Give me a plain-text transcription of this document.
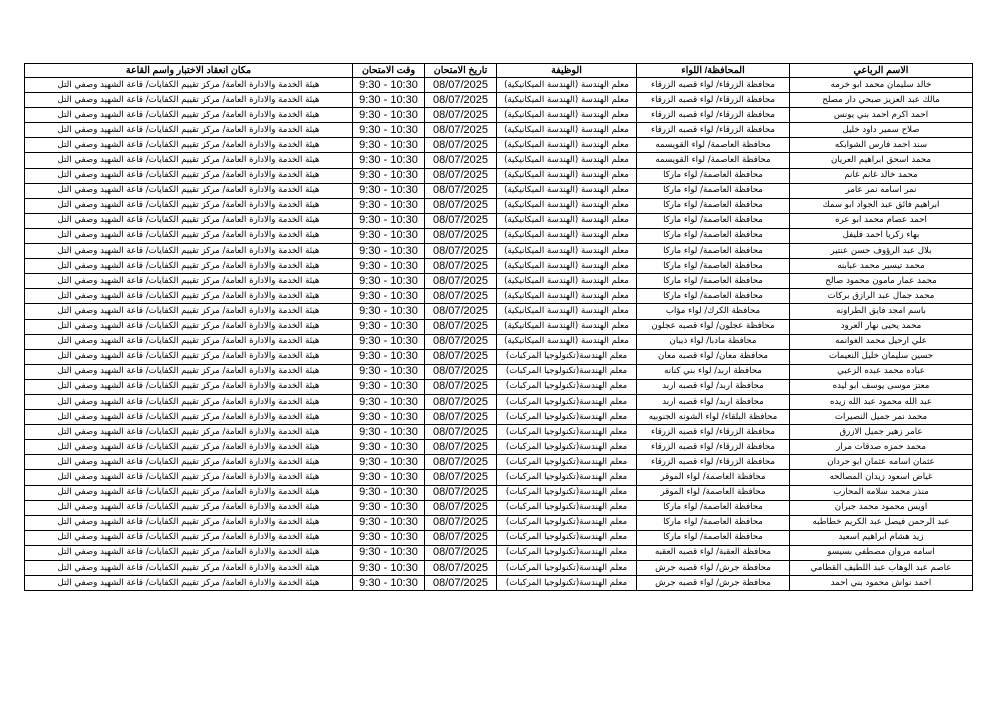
الاسم الرباعي	المحافظة/ اللواء	الوظيفة	تاريخ الامتحان	وقت الامتحان	مكان انعقاد الاختبار واسم القاعة
خالد سليمان محمد ابو خرمه	محافظة الزرقاء/ لواء قصبه الزرقاء	معلم الهندسة (الهندسة الميكانيكية)	08/07/2025	9:30 - 10:30	هيئة الخدمة والادارة العامة/ مركز تقييم الكفايات/ قاعة الشهيد وصفي التل
مالك عبد العزيز صبحي دار مصلح	محافظة الزرقاء/ لواء قصبه الزرقاء	معلم الهندسة (الهندسة الميكانيكية)	08/07/2025	9:30 - 10:30	هيئة الخدمة والادارة العامة/ مركز تقييم الكفايات/ قاعة الشهيد وصفي التل
احمد اكرم احمد بني يونس	محافظة الزرقاء/ لواء قصبه الزرقاء	معلم الهندسة (الهندسة الميكانيكية)	08/07/2025	9:30 - 10:30	هيئة الخدمة والادارة العامة/ مركز تقييم الكفايات/ قاعة الشهيد وصفي التل
صلاح سمير داود خليل	محافظة الزرقاء/ لواء قصبه الزرقاء	معلم الهندسة (الهندسة الميكانيكية)	08/07/2025	9:30 - 10:30	هيئة الخدمة والادارة العامة/ مركز تقييم الكفايات/ قاعة الشهيد وصفي التل
سند احمد فارس الشوابكه	محافظة العاصمة/ لواء القويسمه	معلم الهندسة (الهندسة الميكانيكية)	08/07/2025	9:30 - 10:30	هيئة الخدمة والادارة العامة/ مركز تقييم الكفايات/ قاعة الشهيد وصفي التل
محمد اسحق ابراهيم العريان	محافظة العاصمة/ لواء القويسمه	معلم الهندسة (الهندسة الميكانيكية)	08/07/2025	9:30 - 10:30	هيئة الخدمة والادارة العامة/ مركز تقييم الكفايات/ قاعة الشهيد وصفي التل
محمد خالد غانم غانم	محافظة العاصمة/ لواء ماركا	معلم الهندسة (الهندسة الميكانيكية)	08/07/2025	9:30 - 10:30	هيئة الخدمة والادارة العامة/ مركز تقييم الكفايات/ قاعة الشهيد وصفي التل
نمر اسامه نمر عامر	محافظة العاصمة/ لواء ماركا	معلم الهندسة (الهندسة الميكانيكية)	08/07/2025	9:30 - 10:30	هيئة الخدمة والادارة العامة/ مركز تقييم الكفايات/ قاعة الشهيد وصفي التل
ابراهيم فائق عبد الجواد ابو سمك	محافظة العاصمة/ لواء ماركا	معلم الهندسة (الهندسة الميكانيكية)	08/07/2025	9:30 - 10:30	هيئة الخدمة والادارة العامة/ مركز تقييم الكفايات/ قاعة الشهيد وصفي التل
احمد عصام محمد ابو عره	محافظة العاصمة/ لواء ماركا	معلم الهندسة (الهندسة الميكانيكية)	08/07/2025	9:30 - 10:30	هيئة الخدمة والادارة العامة/ مركز تقييم الكفايات/ قاعة الشهيد وصفي التل
بهاء زكريا احمد فليفل	محافظة العاصمة/ لواء ماركا	معلم الهندسة (الهندسة الميكانيكية)	08/07/2025	9:30 - 10:30	هيئة الخدمة والادارة العامة/ مركز تقييم الكفايات/ قاعة الشهيد وصفي التل
بلال عبد الرؤوف حسن عنتير	محافظة العاصمة/ لواء ماركا	معلم الهندسة (الهندسة الميكانيكية)	08/07/2025	9:30 - 10:30	هيئة الخدمة والادارة العامة/ مركز تقييم الكفايات/ قاعة الشهيد وصفي التل
محمد تيسير محمد عبابنه	محافظة العاصمة/ لواء ماركا	معلم الهندسة (الهندسة الميكانيكية)	08/07/2025	9:30 - 10:30	هيئة الخدمة والادارة العامة/ مركز تقييم الكفايات/ قاعة الشهيد وصفي التل
محمد عمار مامون محمود صالح	محافظة العاصمة/ لواء ماركا	معلم الهندسة (الهندسة الميكانيكية)	08/07/2025	9:30 - 10:30	هيئة الخدمة والادارة العامة/ مركز تقييم الكفايات/ قاعة الشهيد وصفي التل
محمد جمال عبد الرازق بركات	محافظة العاصمة/ لواء ماركا	معلم الهندسة (الهندسة الميكانيكية)	08/07/2025	9:30 - 10:30	هيئة الخدمة والادارة العامة/ مركز تقييم الكفايات/ قاعة الشهيد وصفي التل
باسم امجد فايق الطراونه	محافظة الكرك/ لواء مؤاب	معلم الهندسة (الهندسة الميكانيكية)	08/07/2025	9:30 - 10:30	هيئة الخدمة والادارة العامة/ مركز تقييم الكفايات/ قاعة الشهيد وصفي التل
محمد يحيى نهار العرود	محافظة عجلون/ لواء قصبه عجلون	معلم الهندسة (الهندسة الميكانيكية)	08/07/2025	9:30 - 10:30	هيئة الخدمة والادارة العامة/ مركز تقييم الكفايات/ قاعة الشهيد وصفي التل
علي ارحيل محمد الغوانمه	محافظة مادبا/ لواء ذيبان	معلم الهندسة (الهندسة الميكانيكية)	08/07/2025	9:30 - 10:30	هيئة الخدمة والادارة العامة/ مركز تقييم الكفايات/ قاعة الشهيد وصفي التل
حسين سليمان خليل النعيمات	محافظة معان/ لواء قصبه معان	معلم الهندسة(تكنولوجيا المركبات)	08/07/2025	9:30 - 10:30	هيئة الخدمة والادارة العامة/ مركز تقييم الكفايات/ قاعة الشهيد وصفي التل
عباده محمد عبده الزعبي	محافظة اربد/ لواء بني كنانه	معلم الهندسة(تكنولوجيا المركبات)	08/07/2025	9:30 - 10:30	هيئة الخدمة والادارة العامة/ مركز تقييم الكفايات/ قاعة الشهيد وصفي التل
معتز موسى يوسف ابو ليده	محافظة اربد/ لواء قصبه اربد	معلم الهندسة(تكنولوجيا المركبات)	08/07/2025	9:30 - 10:30	هيئة الخدمة والادارة العامة/ مركز تقييم الكفايات/ قاعة الشهيد وصفي التل
عبد الله محمود عبد الله زيده	محافظة اربد/ لواء قصبه اربد	معلم الهندسة(تكنولوجيا المركبات)	08/07/2025	9:30 - 10:30	هيئة الخدمة والادارة العامة/ مركز تقييم الكفايات/ قاعة الشهيد وصفي التل
محمد نمر جميل النصيرات	محافظة البلقاء/ لواء الشونه الجنوبيه	معلم الهندسة(تكنولوجيا المركبات)	08/07/2025	9:30 - 10:30	هيئة الخدمة والادارة العامة/ مركز تقييم الكفايات/ قاعة الشهيد وصفي التل
عامر زهير جميل الازرق	محافظة الزرقاء/ لواء قصبه الزرقاء	معلم الهندسة(تكنولوجيا المركبات)	08/07/2025	9:30 - 10:30	هيئة الخدمة والادارة العامة/ مركز تقييم الكفايات/ قاعة الشهيد وصفي التل
محمد حمزه صدقات مرار	محافظة الزرقاء/ لواء قصبه الزرقاء	معلم الهندسة(تكنولوجيا المركبات)	08/07/2025	9:30 - 10:30	هيئة الخدمة والادارة العامة/ مركز تقييم الكفايات/ قاعة الشهيد وصفي التل
عثمان اسامه عثمان ابو حردان	محافظة الزرقاء/ لواء قصبه الزرقاء	معلم الهندسة(تكنولوجيا المركبات)	08/07/2025	9:30 - 10:30	هيئة الخدمة والادارة العامة/ مركز تقييم الكفايات/ قاعة الشهيد وصفي التل
غياض اسعود زيدان المصالحه	محافظة العاصمة/ لواء الموقر	معلم الهندسة(تكنولوجيا المركبات)	08/07/2025	9:30 - 10:30	هيئة الخدمة والادارة العامة/ مركز تقييم الكفايات/ قاعة الشهيد وصفي التل
منذر محمد سلامه المحارب	محافظة العاصمة/ لواء الموقر	معلم الهندسة(تكنولوجيا المركبات)	08/07/2025	9:30 - 10:30	هيئة الخدمة والادارة العامة/ مركز تقييم الكفايات/ قاعة الشهيد وصفي التل
اويس محمود محمد جبران	محافظة العاصمة/ لواء ماركا	معلم الهندسة(تكنولوجيا المركبات)	08/07/2025	9:30 - 10:30	هيئة الخدمة والادارة العامة/ مركز تقييم الكفايات/ قاعة الشهيد وصفي التل
عبد الرحمن فيصل عبد الكريم خطاطبه	محافظة العاصمة/ لواء ماركا	معلم الهندسة(تكنولوجيا المركبات)	08/07/2025	9:30 - 10:30	هيئة الخدمة والادارة العامة/ مركز تقييم الكفايات/ قاعة الشهيد وصفي التل
زيد هشام ابراهيم اسعيد	محافظة العاصمة/ لواء ماركا	معلم الهندسة(تكنولوجيا المركبات)	08/07/2025	9:30 - 10:30	هيئة الخدمة والادارة العامة/ مركز تقييم الكفايات/ قاعة الشهيد وصفي التل
اسامه مروان مصطفى بسيسو	محافظة العقبة/ لواء قصبه العقبه	معلم الهندسة(تكنولوجيا المركبات)	08/07/2025	9:30 - 10:30	هيئة الخدمة والادارة العامة/ مركز تقييم الكفايات/ قاعة الشهيد وصفي التل
عاصم عبد الوهاب عبد اللطيف القطامي	محافظة جرش/ لواء قصبه جرش	معلم الهندسة(تكنولوجيا المركبات)	08/07/2025	9:30 - 10:30	هيئة الخدمة والادارة العامة/ مركز تقييم الكفايات/ قاعة الشهيد وصفي التل
احمد نواش محمود بني احمد	محافظة جرش/ لواء قصبه جرش	معلم الهندسة(تكنولوجيا المركبات)	08/07/2025	9:30 - 10:30	هيئة الخدمة والادارة العامة/ مركز تقييم الكفايات/ قاعة الشهيد وصفي التل
